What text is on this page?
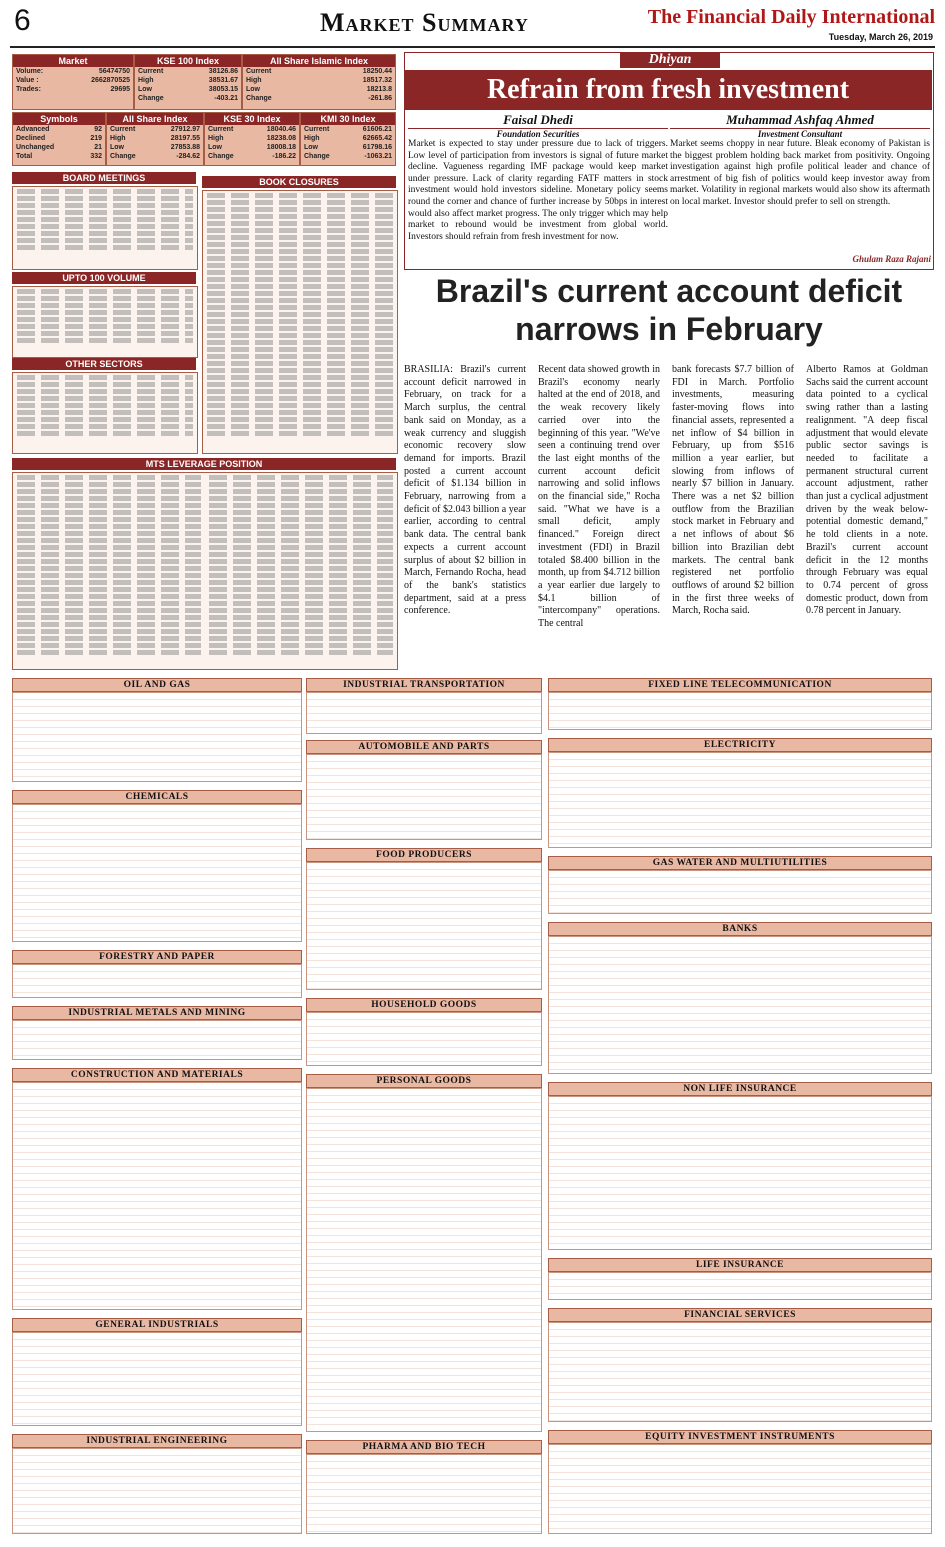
6	Market Summary	The Financial Daily International
Tuesday, March 26, 2019
Market
Volume:	56474750
Value :	2662870525
Trades:	29695
KSE 100 Index
Current	38126.86
High	38531.67
Low	38053.15
Change	-403.21
All Share Islamic Index
Current	18250.44
High	18517.32
Low	18213.8
Change	-261.86
Symbols
Advanced	92
Declined	219
Unchanged	21
Total	332
All Share Index
Current	27912.97
High	28197.55
Low	27853.88
Change	-284.62
KSE 30 Index
Current	18040.46
High	18238.08
Low	18008.18
Change	-186.22
KMI 30 Index
Current	61606.21
High	62665.42
Low	61798.16
Change	-1063.21
BOARD MEETINGS
UPTO 100 VOLUME
OTHER SECTORS
BOOK CLOSURES
MTS LEVERAGE POSITION
Dhiyan
Refrain from fresh investment
Faisal Dhedi
Foundation Securities
Market is expected to stay under pressure due to lack of triggers. Low level of participation from investors is signal of future market decline. Vagueness regarding IMF package would keep market under pressure. Lack of clarity regarding FATF matters in stock investment would hold investors sideline. Monetary policy seems round the corner and chance of further increase by 50bps in interest would also affect market progress. The only trigger which may help market to rebound would be investment from global world. Investors should refrain from fresh investment for now.
Muhammad Ashfaq Ahmed
Investment Consultant
Market seems choppy in near future. Bleak economy of Pakistan is the biggest problem holding back market from positivity. Ongoing investigation against high profile political leader and chance of arrestment of big fish of politics would keep investor away from market. Volatility in regional markets would also show its aftermath on local market. Investor should prefer to sell on strength.
Ghulam Raza Rajani
Brazil's current account deficit narrows in February
BRASILIA: Brazil's current account deficit narrowed in February, on track for a March surplus, the central bank said on Monday, as a weak currency and sluggish economic recovery slow demand for imports. Brazil posted a current account deficit of $1.134 billion in February, narrowing from a deficit of $2.043 billion a year earlier, according to central bank data. The central bank expects a current account surplus of about $2 billion in March, Fernando Rocha, head of the bank's statistics department, said at a press conference.
Recent data showed growth in Brazil's economy nearly halted at the end of 2018, and the weak recovery likely carried over into the beginning of this year. "We've seen a continuing trend over the last eight months of the current account deficit narrowing and solid inflows on the financial side," Rocha said. "What we have is a small deficit, amply financed." Foreign direct investment (FDI) in Brazil totaled $8.400 billion in the month, up from $4.712 billion a year earlier due largely to $4.1 billion of "intercompany" operations. The central
bank forecasts $7.7 billion of FDI in March. Portfolio investments, measuring faster-moving flows into financial assets, represented a net inflow of $4 billion in February, up from $516 million a year earlier, but slowing from inflows of nearly $7 billion in January. There was a net $2 billion outflow from the Brazilian stock market in February and a net inflows of about $6 billion into Brazilian debt markets. The central bank registered net portfolio outflows of around $2 billion in the first three weeks of March, Rocha said.
Alberto Ramos at Goldman Sachs said the current account data pointed to a cyclical swing rather than a lasting realignment. "A deep fiscal adjustment that would elevate public sector savings is needed to facilitate a permanent structural current account adjustment, rather than just a cyclical adjustment driven by the weak below-potential domestic demand," he told clients in a note. Brazil's current account deficit in the 12 months through February was equal to 0.74 percent of gross domestic product, down from 0.78 percent in January.
OIL AND GAS
CHEMICALS
FORESTRY AND PAPER
INDUSTRIAL METALS AND MINING
CONSTRUCTION AND MATERIALS
GENERAL INDUSTRIALS
INDUSTRIAL ENGINEERING
INDUSTRIAL TRANSPORTATION
AUTOMOBILE AND PARTS
FOOD PRODUCERS
HOUSEHOLD GOODS
PERSONAL GOODS
PHARMA AND BIO TECH
FIXED LINE TELECOMMUNICATION
ELECTRICITY
GAS WATER AND MULTIUTILITIES
BANKS
NON LIFE INSURANCE
LIFE INSURANCE
FINANCIAL SERVICES
EQUITY INVESTMENT INSTRUMENTS
